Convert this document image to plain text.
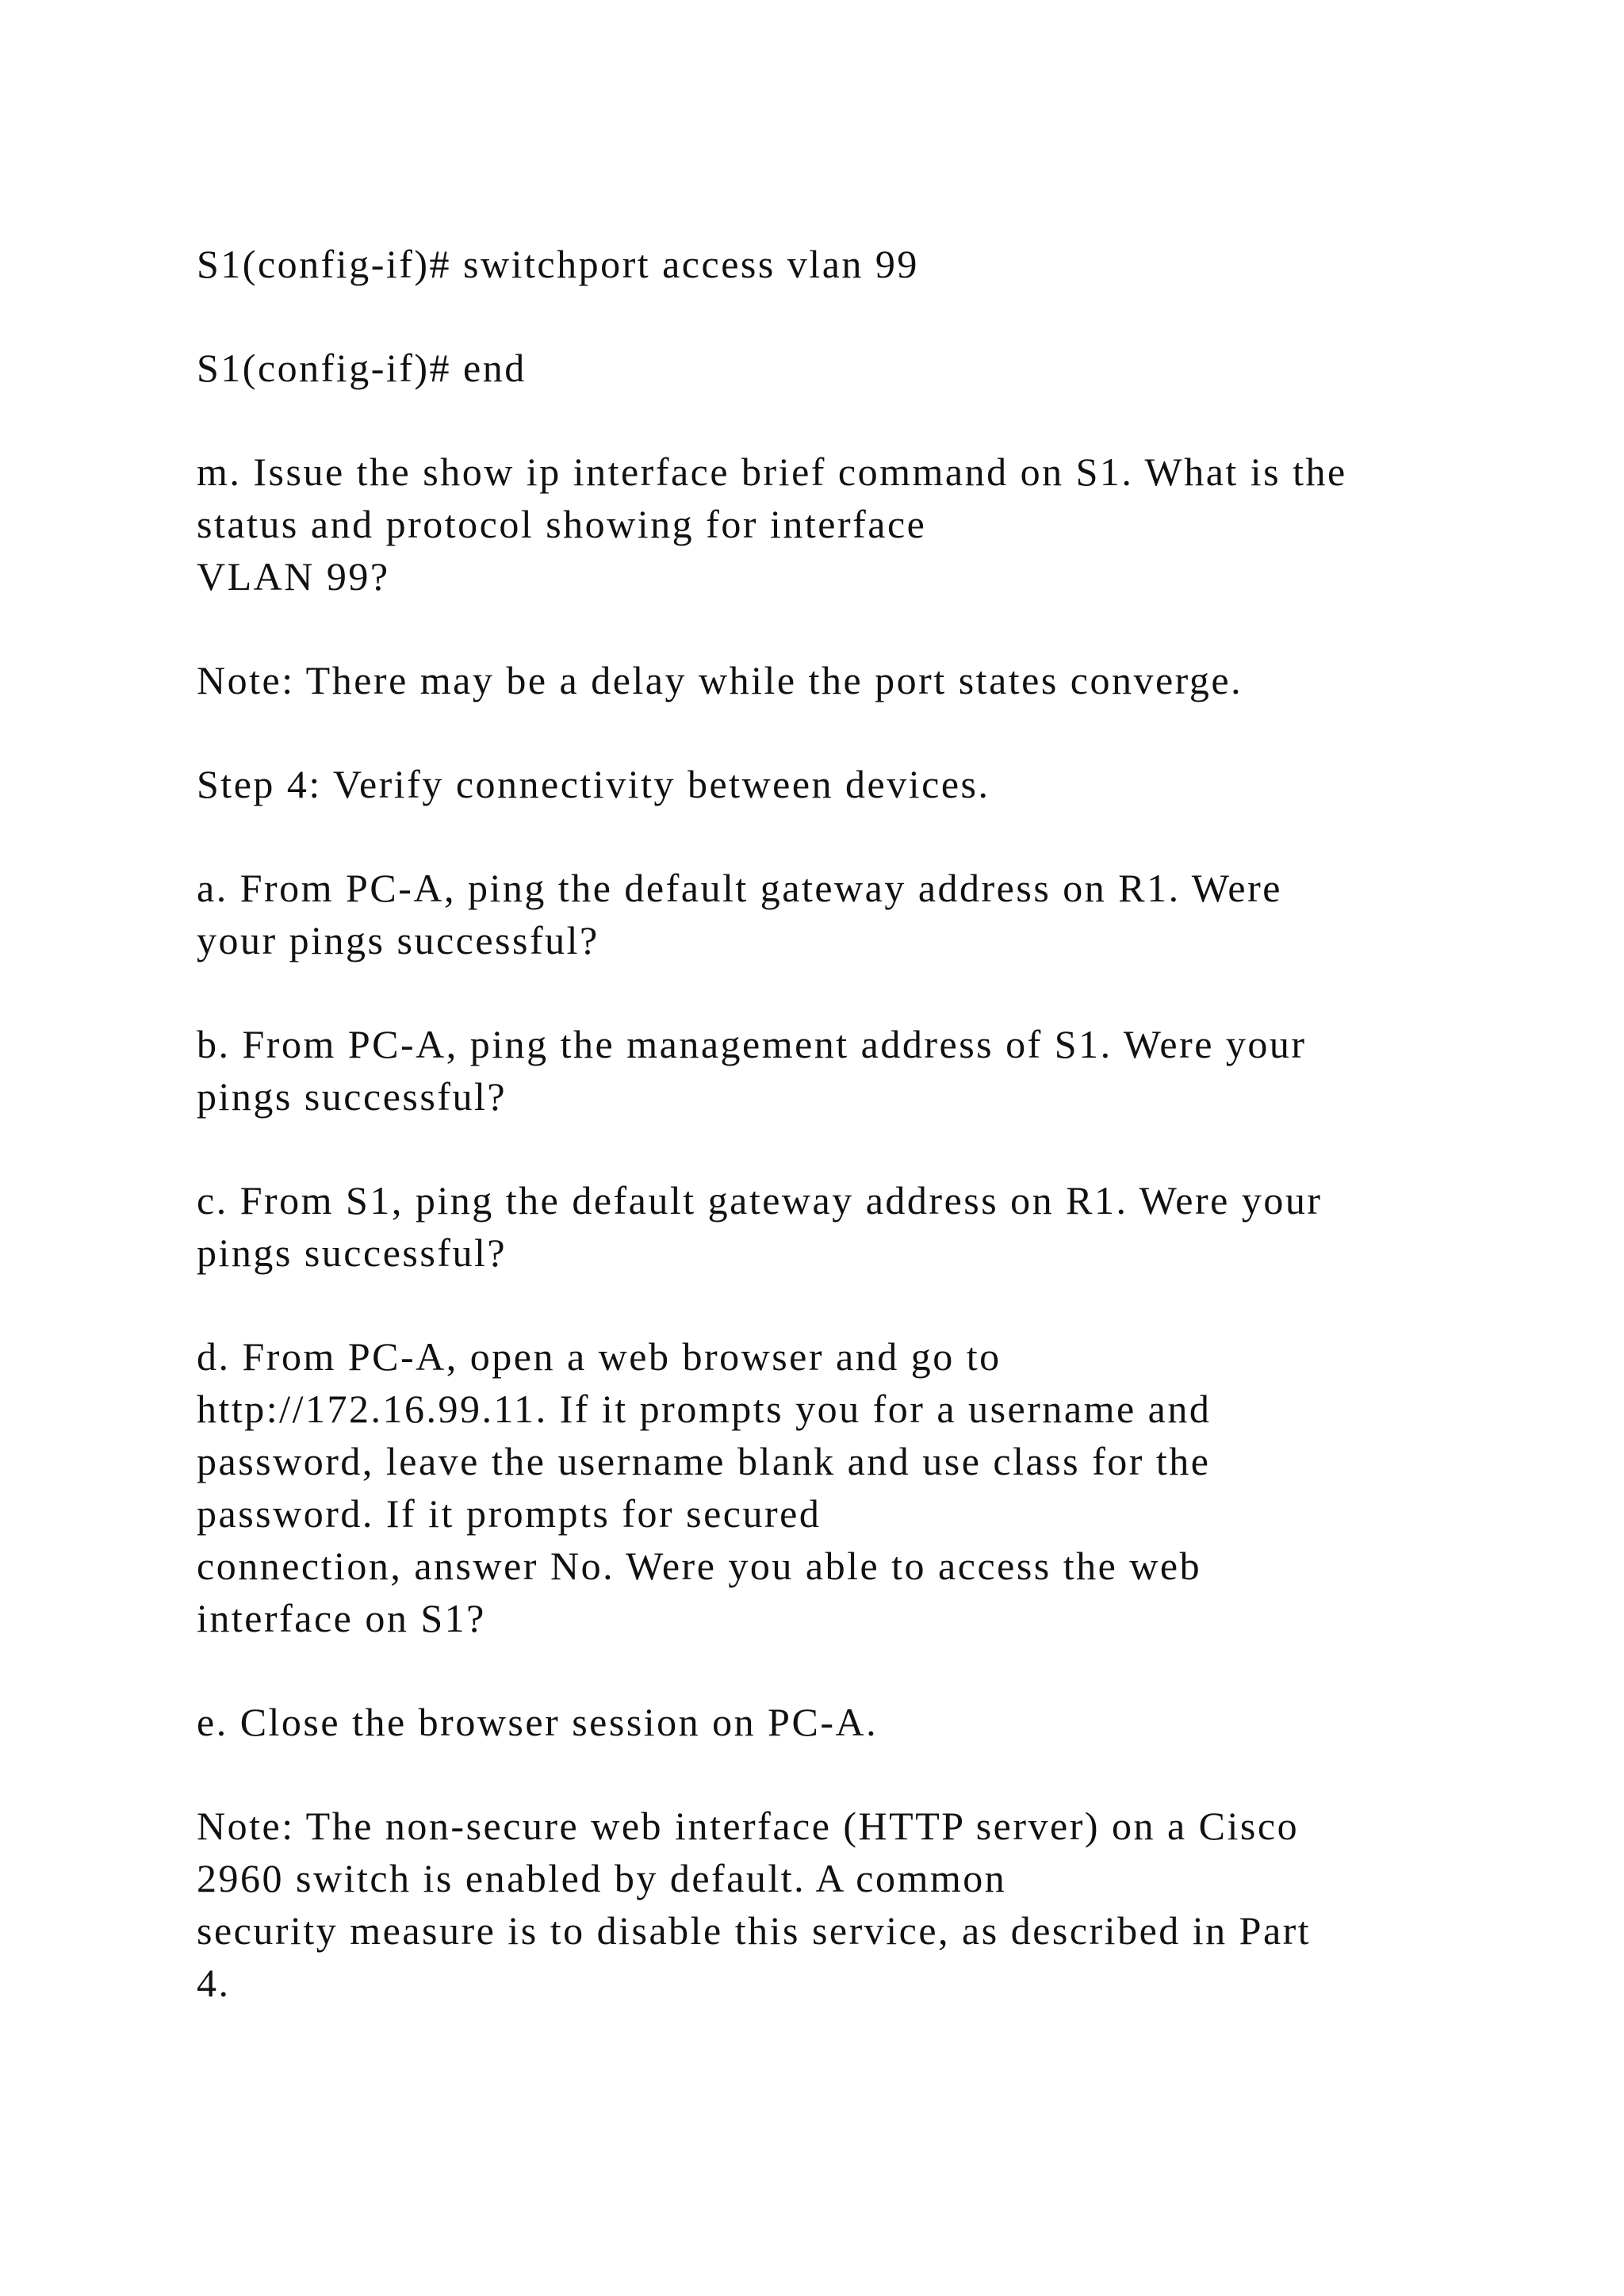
S1(config-if)# switchport access vlan 99

S1(config-if)# end

m. Issue the show ip interface brief command on S1. What is the
status and protocol showing for interface
VLAN 99?

Note: There may be a delay while the port states converge.

Step 4: Verify connectivity between devices.

a. From PC-A, ping the default gateway address on R1. Were
your pings successful?

b. From PC-A, ping the management address of S1. Were your
pings successful?

c. From S1, ping the default gateway address on R1. Were your
pings successful?

d. From PC-A, open a web browser and go to
http://172.16.99.11. If it prompts you for a username and
password, leave the username blank and use class for the
password. If it prompts for secured
connection, answer No. Were you able to access the web
interface on S1?

e. Close the browser session on PC-A.

Note: The non-secure web interface (HTTP server) on a Cisco
2960 switch is enabled by default. A common
security measure is to disable this service, as described in Part
4.
